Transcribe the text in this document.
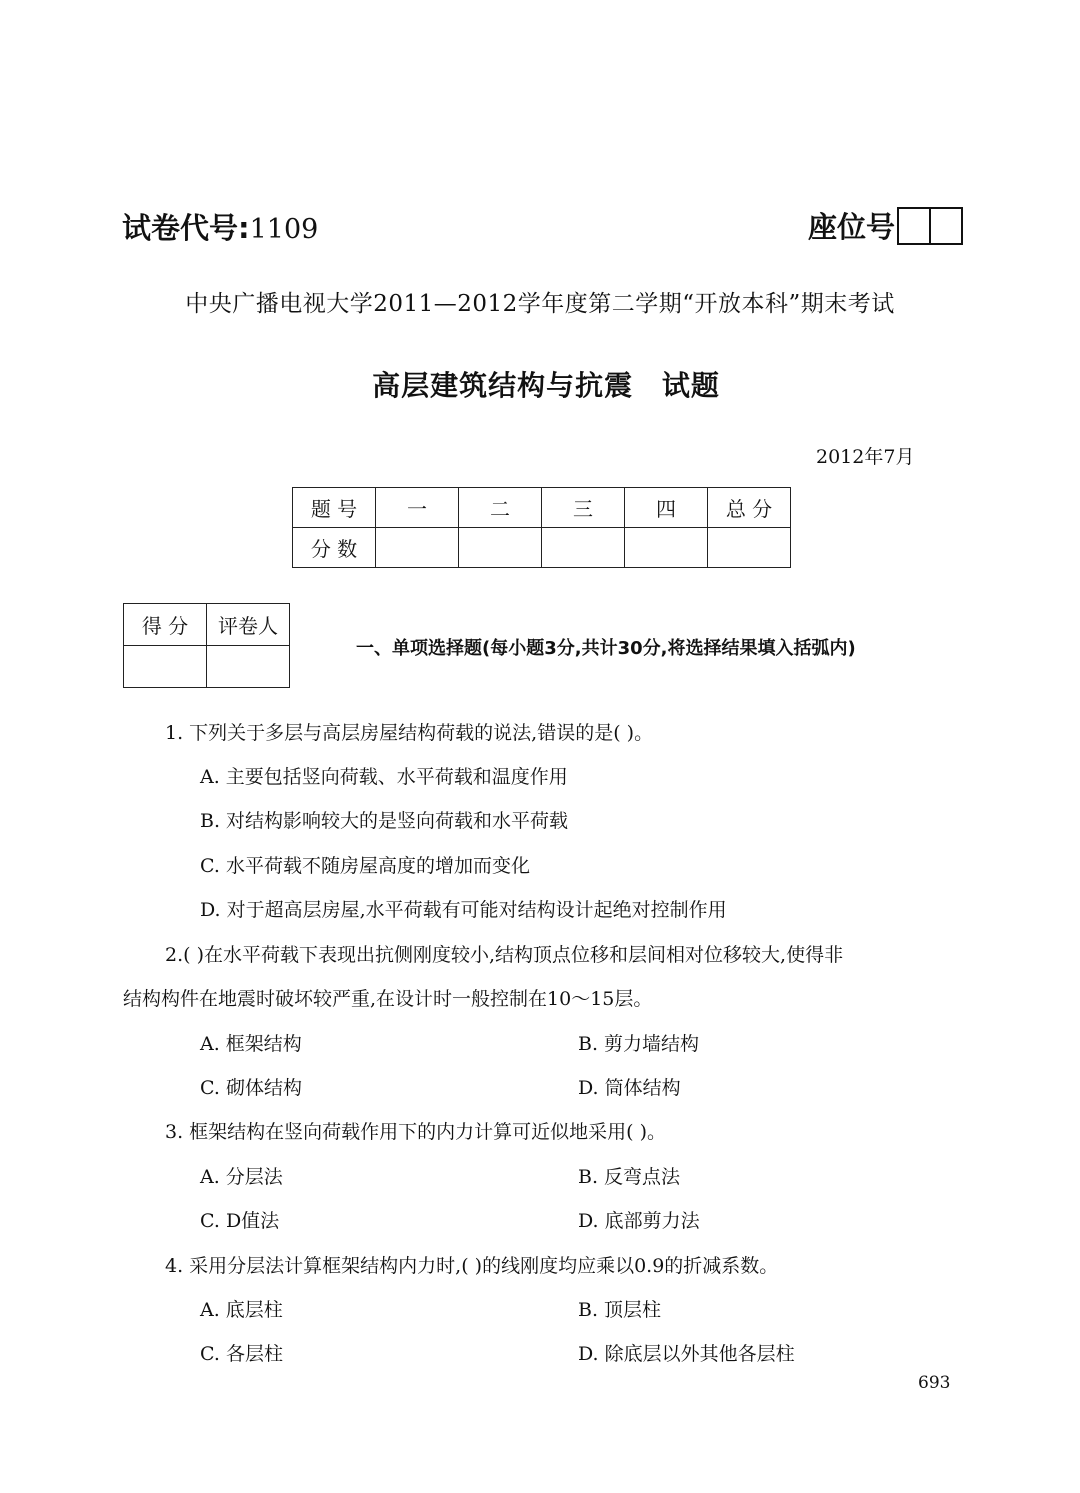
试卷代号:1109	座位号
中央广播电视大学2011—2012学年度第二学期“开放本科”期末考试
高层建筑结构与抗震 试题
2012年7月
题 号	一	二	三	四	总 分
分 数					
得 分	评卷人

一、单项选择题(每小题3分,共计30分,将选择结果填入括弧内)
1. 下列关于多层与高层房屋结构荷载的说法,错误的是( )。
A. 主要包括竖向荷载、水平荷载和温度作用
B. 对结构影响较大的是竖向荷载和水平荷载
C. 水平荷载不随房屋高度的增加而变化
D. 对于超高层房屋,水平荷载有可能对结构设计起绝对控制作用
2.( )在水平荷载下表现出抗侧刚度较小,结构顶点位移和层间相对位移较大,使得非
结构构件在地震时破坏较严重,在设计时一般控制在10～15层。
A. 框架结构	B. 剪力墙结构
C. 砌体结构	D. 筒体结构
3. 框架结构在竖向荷载作用下的内力计算可近似地采用( )。
A. 分层法	B. 反弯点法
C. D值法	D. 底部剪力法
4. 采用分层法计算框架结构内力时,( )的线刚度均应乘以0.9的折减系数。
A. 底层柱	B. 顶层柱
C. 各层柱	D. 除底层以外其他各层柱
693
